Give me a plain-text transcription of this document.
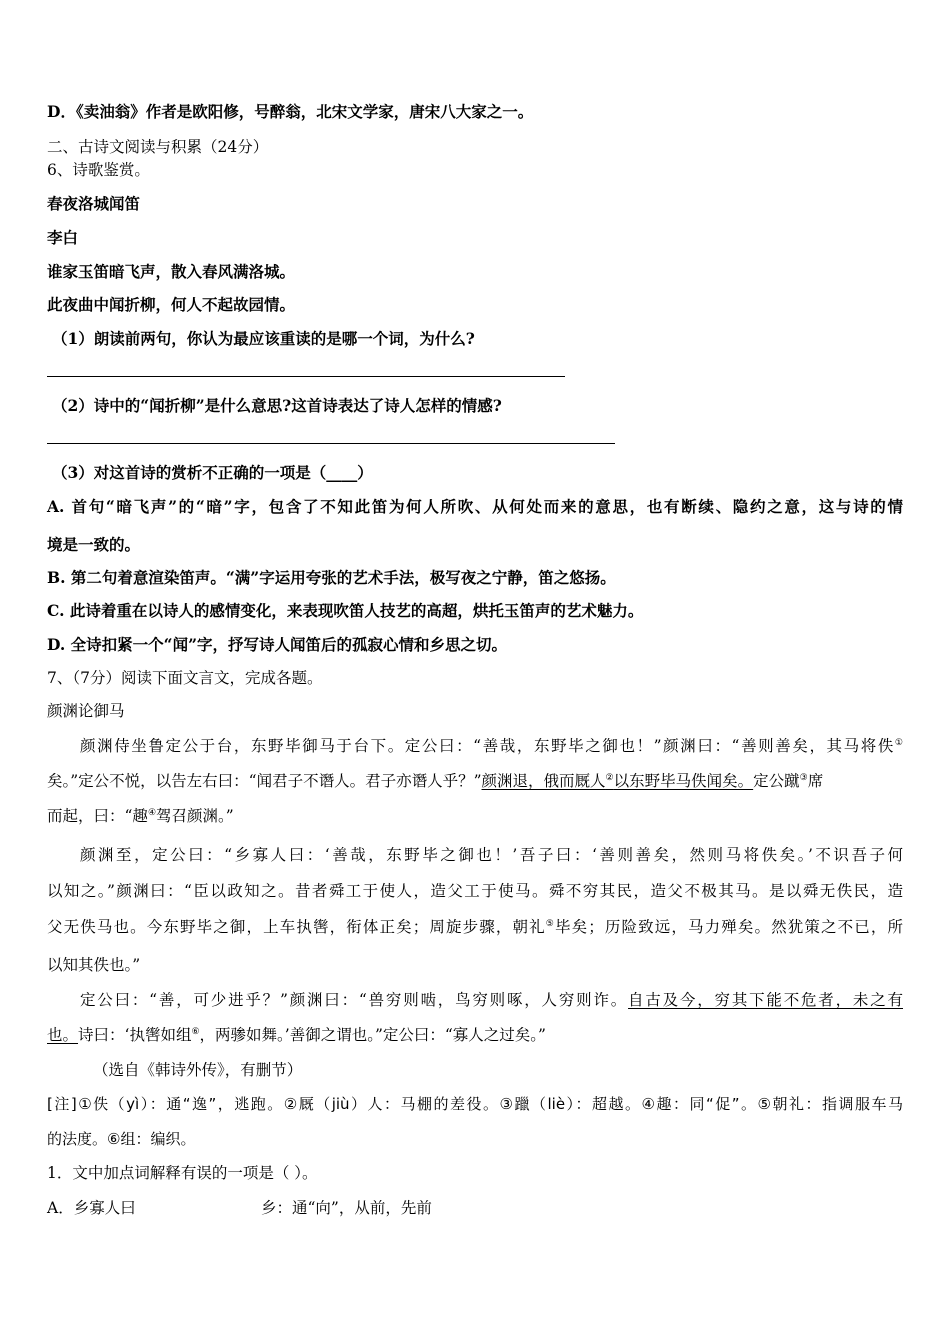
D．《卖油翁》作者是欧阳修，号醉翁，北宋文学家，唐宋八大家之一。
二、古诗文阅读与积累（24分）
6、诗歌鉴赏。
春夜洛城闻笛
李白
谁家玉笛暗飞声，散入春风满洛城。
此夜曲中闻折柳，何人不起故园情。
（1）朗读前两句，你认为最应该重读的是哪一个词，为什么?
（2）诗中的“闻折柳”是什么意思?这首诗表达了诗人怎样的情感?
（3）对这首诗的赏析不正确的一项是（____）
A. 首句“暗飞声”的“暗”字，包含了不知此笛为何人所吹、从何处而来的意思，也有断续、隐约之意，这与诗的情
境是一致的。
B. 第二句着意渲染笛声。“满”字运用夸张的艺术手法，极写夜之宁静，笛之悠扬。
C. 此诗着重在以诗人的感情变化，来表现吹笛人技艺的高超，烘托玉笛声的艺术魅力。
D. 全诗扣紧一个“闻”字，抒写诗人闻笛后的孤寂心情和乡思之切。
7、（7分）阅读下面文言文，完成各题。
颜渊论御马
颜渊侍坐鲁定公于台，东野毕御马于台下。定公曰：“善哉，东野毕之御也！”颜渊曰：“善则善矣，其马将佚①
矣。”定公不悦，以告左右曰：“闻君子不谮人。君子亦谮人乎？”颜渊退，俄而厩人②以东野毕马佚闻矣。定公蹴③席
而起，曰：“趣④驾召颜渊。”
颜渊至，定公曰：“乡寡人曰：‘善哉，东野毕之御也！’吾子曰：‘善则善矣，然则马将佚矣。’不识吾子何
以知之。”颜渊曰：“臣以政知之。昔者舜工于使人，造父工于使马。舜不穷其民，造父不极其马。是以舜无佚民，造
父无佚马也。今东野毕之御，上车执辔，衔体正矣；周旋步骤，朝礼⑤毕矣；历险致远，马力殚矣。然犹策之不已，所
以知其佚也。”
定公曰：“善，可少进乎？”颜渊曰：“兽穷则啮，鸟穷则啄，人穷则诈。自古及今，穷其下能不危者，未之有
也。诗曰：‘执辔如组⑥，两骖如舞。’善御之谓也。”定公曰：“寡人之过矣。”
（选自《韩诗外传》，有删节）
[注]①佚（yì）：通“逸”，逃跑。②厩（jiù）人：马棚的差役。③躐（liè）：超越。④趣：同“促”。⑤朝礼：指调服车马
的法度。⑥组：编织。
1．文中加点词解释有误的一项是（ ）。
A．乡寡人曰	乡：通“向”，从前，先前
